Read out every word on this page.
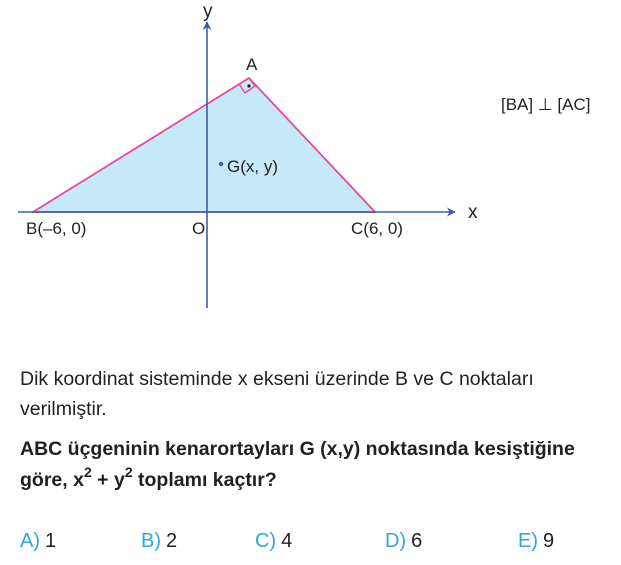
y
x
O
A
B(–6, 0)	C(6, 0)
G(x, y)
[BA] ⊥ [AC]

Dik koordinat sisteminde x ekseni üzerinde B ve C noktaları verilmiştir.

ABC üçgeninin kenarortayları G (x,y) noktasında kesiştiğine göre, $x^2 + y^2$ toplamı kaçtır?

A) 1	B) 2	C) 4	D) 6	E) 9
